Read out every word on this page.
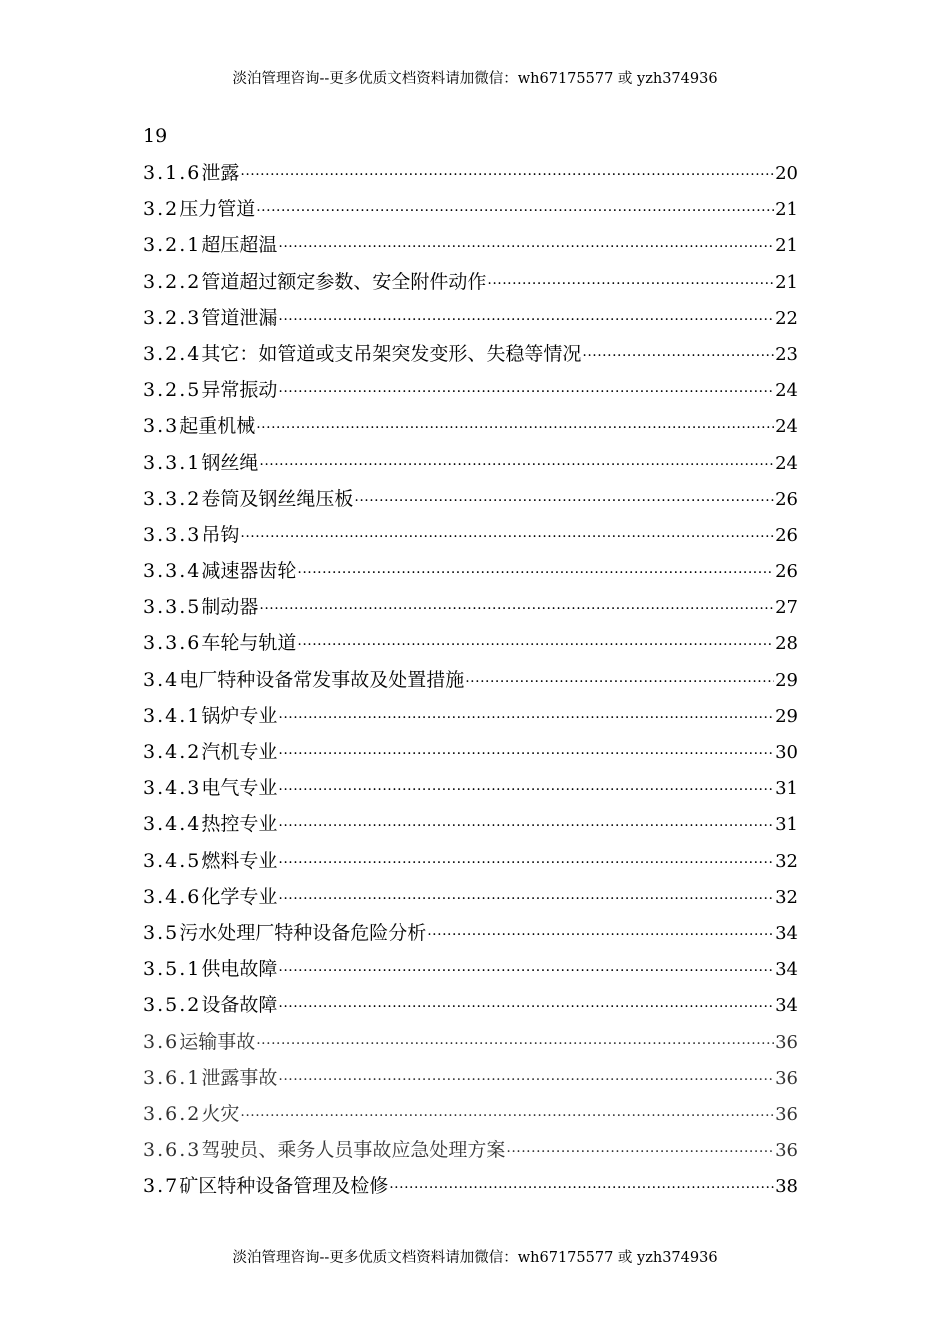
淡泊管理咨询--更多优质文档资料请加微信：wh67175577 或 yzh374936
19
3.1.6 泄露 ·····	20
3.2 压力管道 ·····	21
3.2.1 超压超温 ·····	21
3.2.2 管道超过额定参数、安全附件动作 ·····	21
3.2.3 管道泄漏 ·····	22
3.2.4 其它：如管道或支吊架突发变形、失稳等情况 ·····	23
3.2.5 异常振动 ·····	24
3.3 起重机械 ·····	24
3.3.1 钢丝绳 ·····	24
3.3.2 卷筒及钢丝绳压板 ·····	26
3.3.3 吊钩 ·····	26
3.3.4 减速器齿轮 ·····	26
3.3.5 制动器 ·····	27
3.3.6 车轮与轨道 ·····	28
3.4 电厂特种设备常发事故及处置措施 ·····	29
3.4.1 锅炉专业 ·····	29
3.4.2 汽机专业 ·····	30
3.4.3 电气专业 ·····	31
3.4.4 热控专业 ·····	31
3.4.5 燃料专业 ·····	32
3.4.6 化学专业 ·····	32
3.5 污水处理厂特种设备危险分析 ·····	34
3.5.1 供电故障 ·····	34
3.5.2 设备故障 ·····	34
3.6 运输事故 ·····	36
3.6.1 泄露事故 ·····	36
3.6.2 火灾 ·····	36
3.6.3 驾驶员、乘务人员事故应急处理方案 ·····	36
3.7 矿区特种设备管理及检修 ·····	38
淡泊管理咨询--更多优质文档资料请加微信：wh67175577 或 yzh374936
